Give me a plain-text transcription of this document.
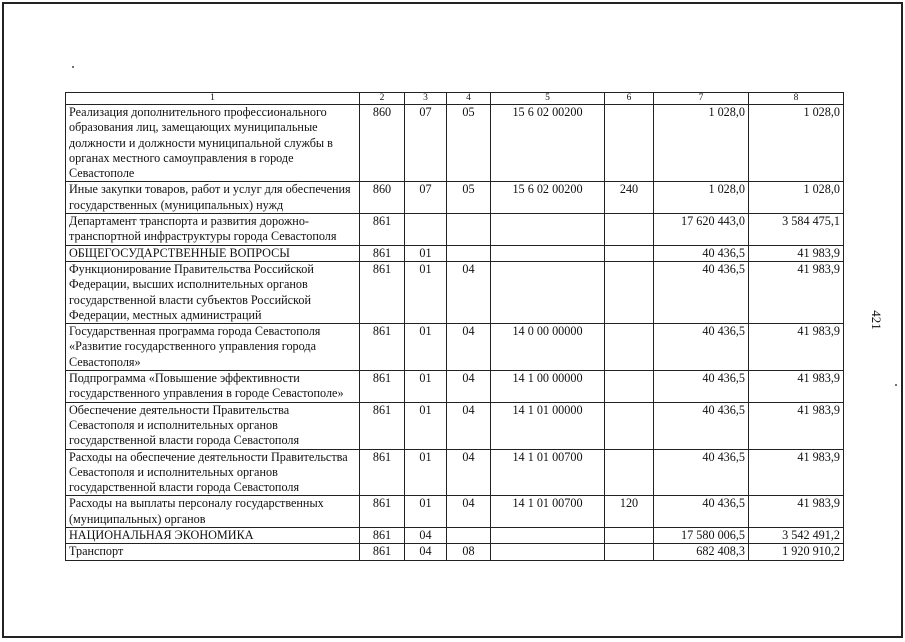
421
1	2	3	4	5	6	7	8
Реализация дополнительного профессионального образования лиц, замещающих муниципальные должности и должности муниципальной службы в органах местного самоуправления в городе Севастополе	860	07	05	15 6 02 00200		1 028,0	1 028,0
Иные закупки товаров, работ и услуг для обеспечения государственных (муниципальных) нужд	860	07	05	15 6 02 00200	240	1 028,0	1 028,0
Департамент транспорта и развития дорожно-транспортной инфраструктуры города Севастополя	861					17 620 443,0	3 584 475,1
ОБЩЕГОСУДАРСТВЕННЫЕ ВОПРОСЫ	861	01				40 436,5	41 983,9
Функционирование Правительства Российской Федерации, высших исполнительных органов государственной власти субъектов Российской Федерации, местных администраций	861	01	04			40 436,5	41 983,9
Государственная программа города Севастополя «Развитие государственного управления города Севастополя»	861	01	04	14 0 00 00000		40 436,5	41 983,9
Подпрограмма «Повышение эффективности государственного управления в городе Севастополе»	861	01	04	14 1 00 00000		40 436,5	41 983,9
Обеспечение деятельности Правительства Севастополя и исполнительных органов государственной власти города Севастополя	861	01	04	14 1 01 00000		40 436,5	41 983,9
Расходы на обеспечение деятельности Правительства Севастополя и исполнительных органов государственной власти города Севастополя	861	01	04	14 1 01 00700		40 436,5	41 983,9
Расходы на выплаты персоналу государственных (муниципальных) органов	861	01	04	14 1 01 00700	120	40 436,5	41 983,9
НАЦИОНАЛЬНАЯ ЭКОНОМИКА	861	04				17 580 006,5	3 542 491,2
Транспорт	861	04	08			682 408,3	1 920 910,2
